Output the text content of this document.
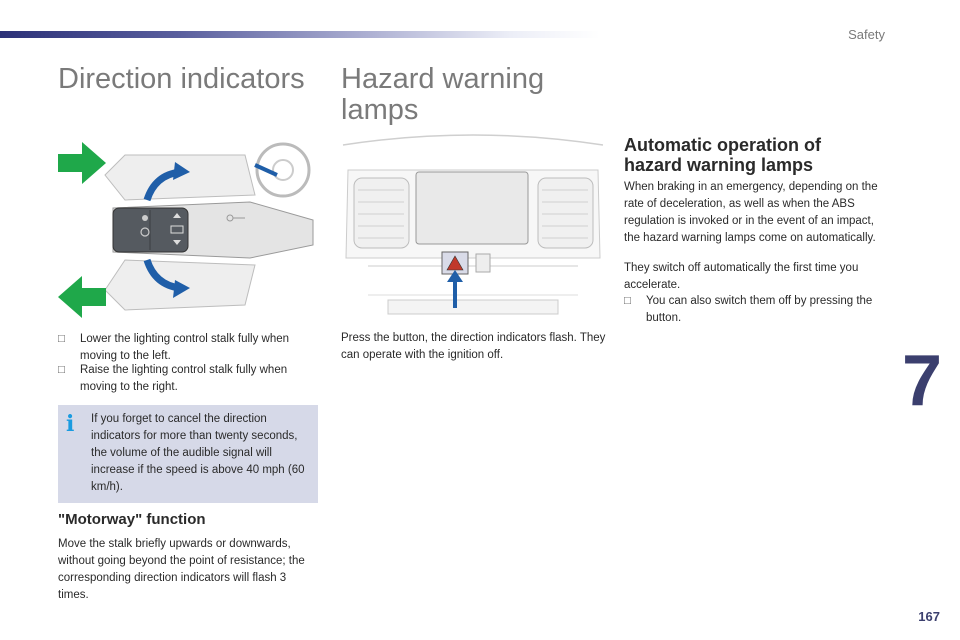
Safety
7
167
Direction indicators
□	Lower the lighting control stalk fully when moving to the left.
□	Raise the lighting control stalk fully when moving to the right.
i	If you forget to cancel the direction indicators for more than twenty seconds, the volume of the audible signal will increase if the speed is above 40 mph (60 km/h).
"Motorway" function

Move the stalk briefly upwards or downwards, without going beyond the point of resistance; the corresponding direction indicators will flash 3 times.

Hazard warning
lamps

Press the button, the direction indicators flash. They can operate with the ignition off.

Automatic operation of hazard warning lamps

When braking in an emergency, depending on the rate of deceleration, as well as when the ABS regulation is invoked or in the event of an impact, the hazard warning lamps come on automatically.

They switch off automatically the first time you accelerate.

□	You can also switch them off by pressing the button.
